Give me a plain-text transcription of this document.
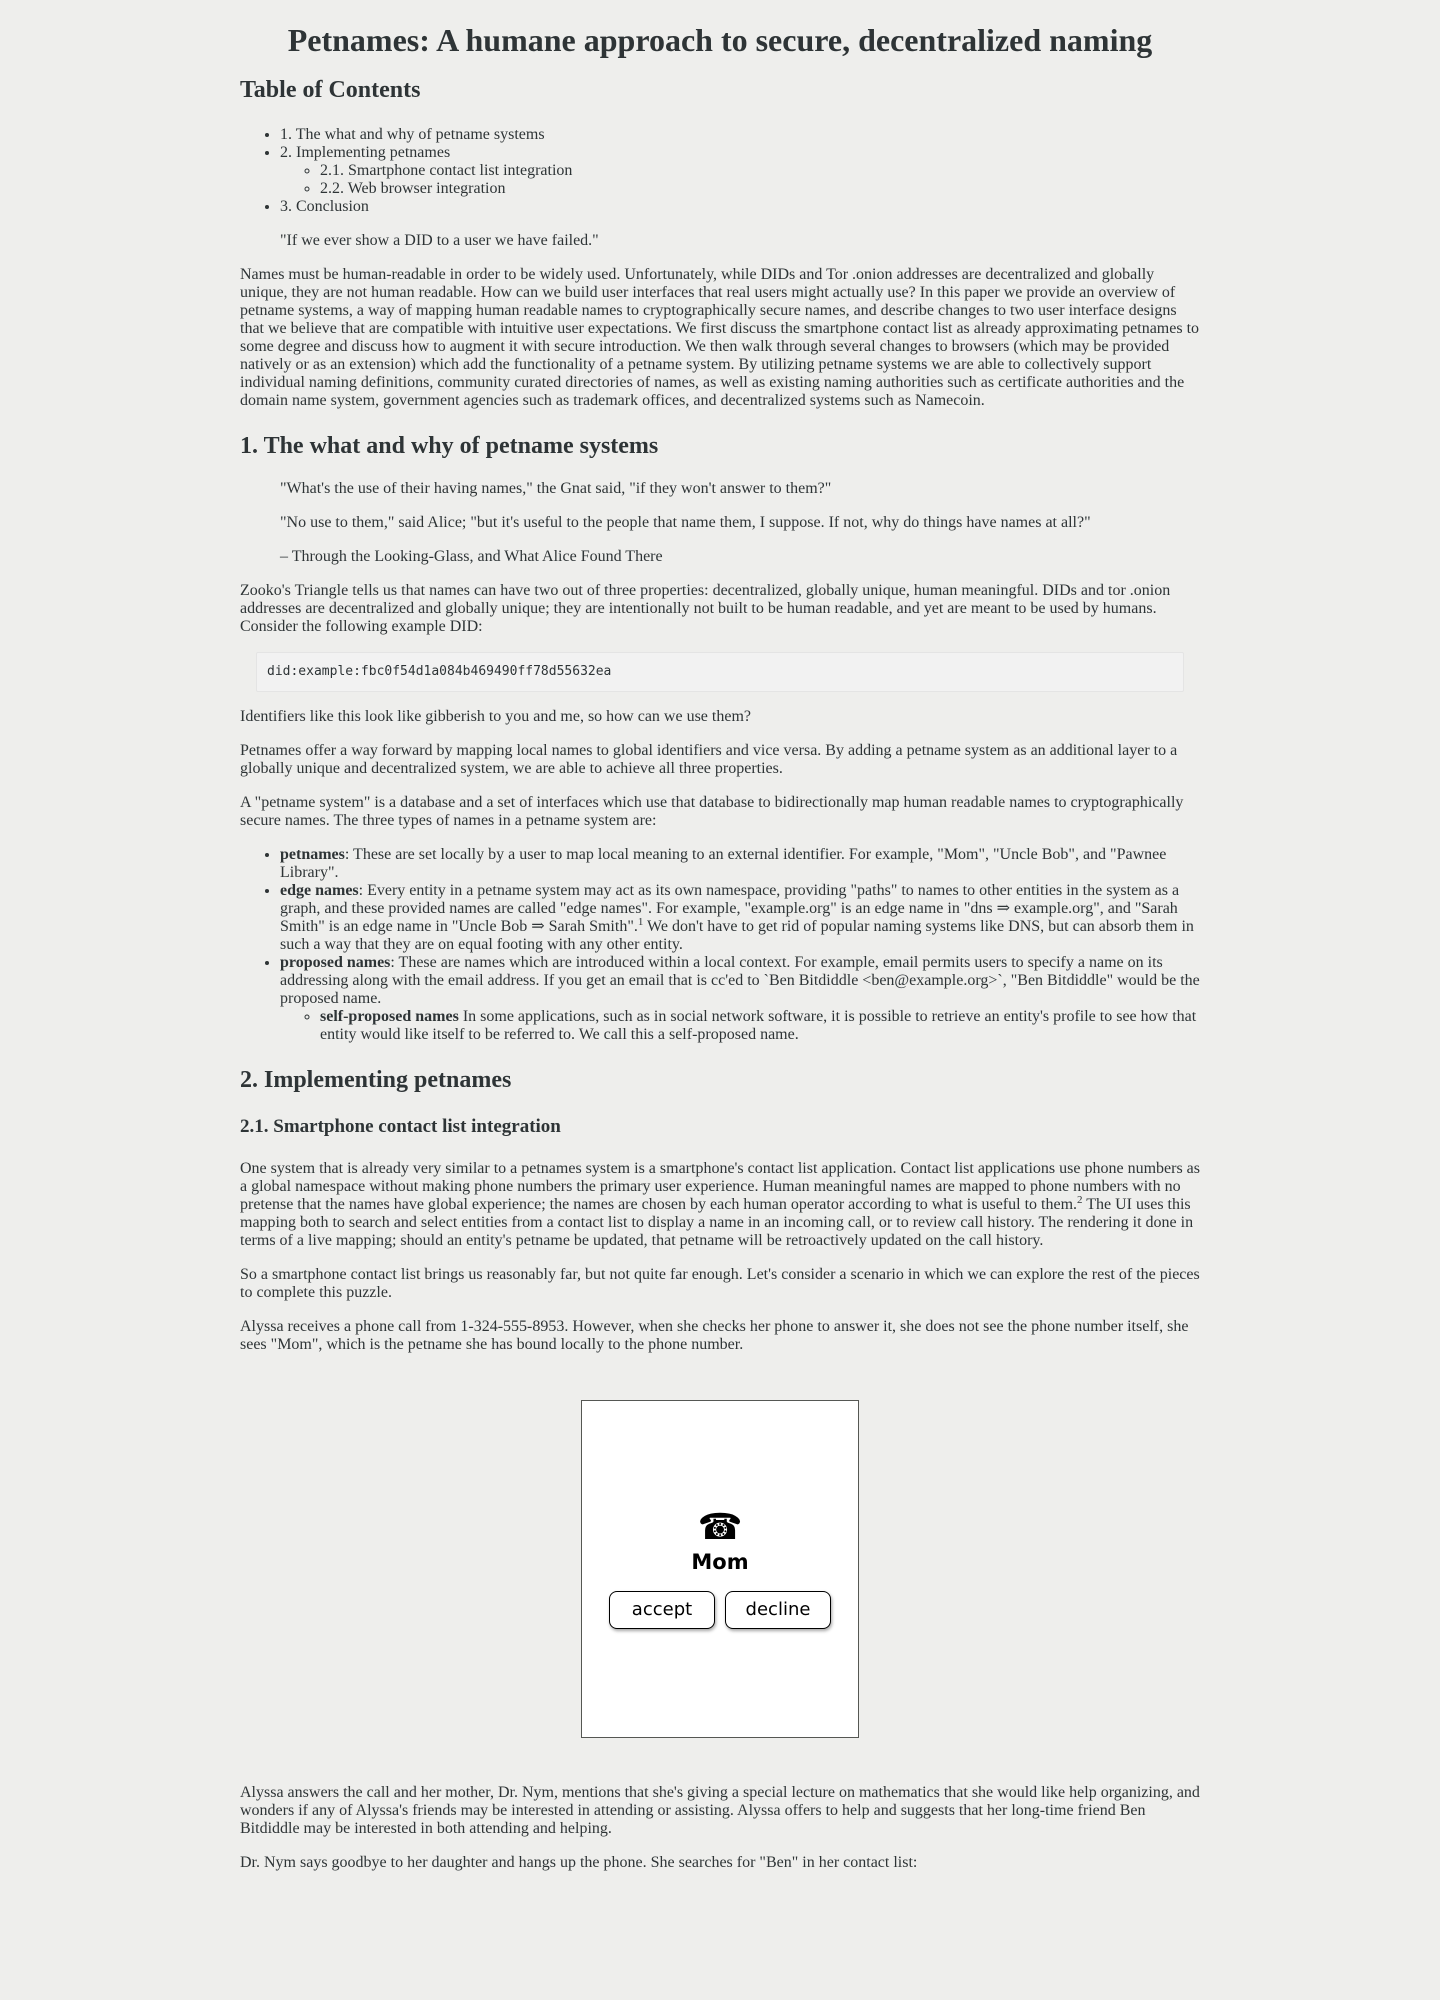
Petnames: A humane approach to secure, decentralized naming
Table of Contents
• 1. The what and why of petname systems
• 2. Implementing petnames
◦ 2.1. Smartphone contact list integration
◦ 2.2. Web browser integration
• 3. Conclusion

"If we ever show a DID to a user we have failed."

Names must be human-readable in order to be widely used. Unfortunately, while DIDs and Tor .onion addresses are decentralized and globally unique, they are not human readable. How can we build user interfaces that real users might actually use? In this paper we provide an overview of petname systems, a way of mapping human readable names to cryptographically secure names, and describe changes to two user interface designs that we believe that are compatible with intuitive user expectations. We first discuss the smartphone contact list as already approximating petnames to some degree and discuss how to augment it with secure introduction. We then walk through several changes to browsers (which may be provided natively or as an extension) which add the functionality of a petname system. By utilizing petname systems we are able to collectively support individual naming definitions, community curated directories of names, as well as existing naming authorities such as certificate authorities and the domain name system, government agencies such as trademark offices, and decentralized systems such as Namecoin.

1. The what and why of petname systems

"What's the use of their having names," the Gnat said, "if they won't answer to them?"

"No use to them," said Alice; "but it's useful to the people that name them, I suppose. If not, why do things have names at all?"

– Through the Looking-Glass, and What Alice Found There

Zooko's Triangle tells us that names can have two out of three properties: decentralized, globally unique, human meaningful. DIDs and tor .onion addresses are decentralized and globally unique; they are intentionally not built to be human readable, and yet are meant to be used by humans. Consider the following example DID:

did:example:fbc0f54d1a084b469490ff78d55632ea

Identifiers like this look like gibberish to you and me, so how can we use them?

Petnames offer a way forward by mapping local names to global identifiers and vice versa. By adding a petname system as an additional layer to a globally unique and decentralized system, we are able to achieve all three properties.

A "petname system" is a database and a set of interfaces which use that database to bidirectionally map human readable names to cryptographically secure names. The three types of names in a petname system are:

• petnames: These are set locally by a user to map local meaning to an external identifier. For example, "Mom", "Uncle Bob", and "Pawnee Library".
• edge names: Every entity in a petname system may act as its own namespace, providing "paths" to names to other entities in the system as a graph, and these provided names are called "edge names". For example, "example.org" is an edge name in "dns ⇒ example.org", and "Sarah Smith" is an edge name in "Uncle Bob ⇒ Sarah Smith".$^1$ We don't have to get rid of popular naming systems like DNS, but can absorb them in such a way that they are on equal footing with any other entity.
• proposed names: These are names which are introduced within a local context. For example, email permits users to specify a name on its addressing along with the email address. If you get an email that is cc'ed to `Ben Bitdiddle <ben@example.org>`, "Ben Bitdiddle" would be the proposed name.
◦ self-proposed names In some applications, such as in social network software, it is possible to retrieve an entity's profile to see how that entity would like itself to be referred to. We call this a self-proposed name.
2. Implementing petnames
2.1. Smartphone contact list integration

One system that is already very similar to a petnames system is a smartphone's contact list application. Contact list applications use phone numbers as a global namespace without making phone numbers the primary user experience. Human meaningful names are mapped to phone numbers with no pretense that the names have global experience; the names are chosen by each human operator according to what is useful to them.$^2$ The UI uses this mapping both to search and select entities from a contact list to display a name in an incoming call, or to review call history. The rendering it done in terms of a live mapping; should an entity's petname be updated, that petname will be retroactively updated on the call history.

So a smartphone contact list brings us reasonably far, but not quite far enough. Let's consider a scenario in which we can explore the rest of the pieces to complete this puzzle.

Alyssa receives a phone call from 1-324-555-8953. However, when she checks her phone to answer it, she does not see the phone number itself, she sees "Mom", which is the petname she has bound locally to the phone number.

☎
Mom
accept	decline

Alyssa answers the call and her mother, Dr. Nym, mentions that she's giving a special lecture on mathematics that she would like help organizing, and wonders if any of Alyssa's friends may be interested in attending or assisting. Alyssa offers to help and suggests that her long-time friend Ben Bitdiddle may be interested in both attending and helping.

Dr. Nym says goodbye to her daughter and hangs up the phone. She searches for "Ben" in her contact list:
